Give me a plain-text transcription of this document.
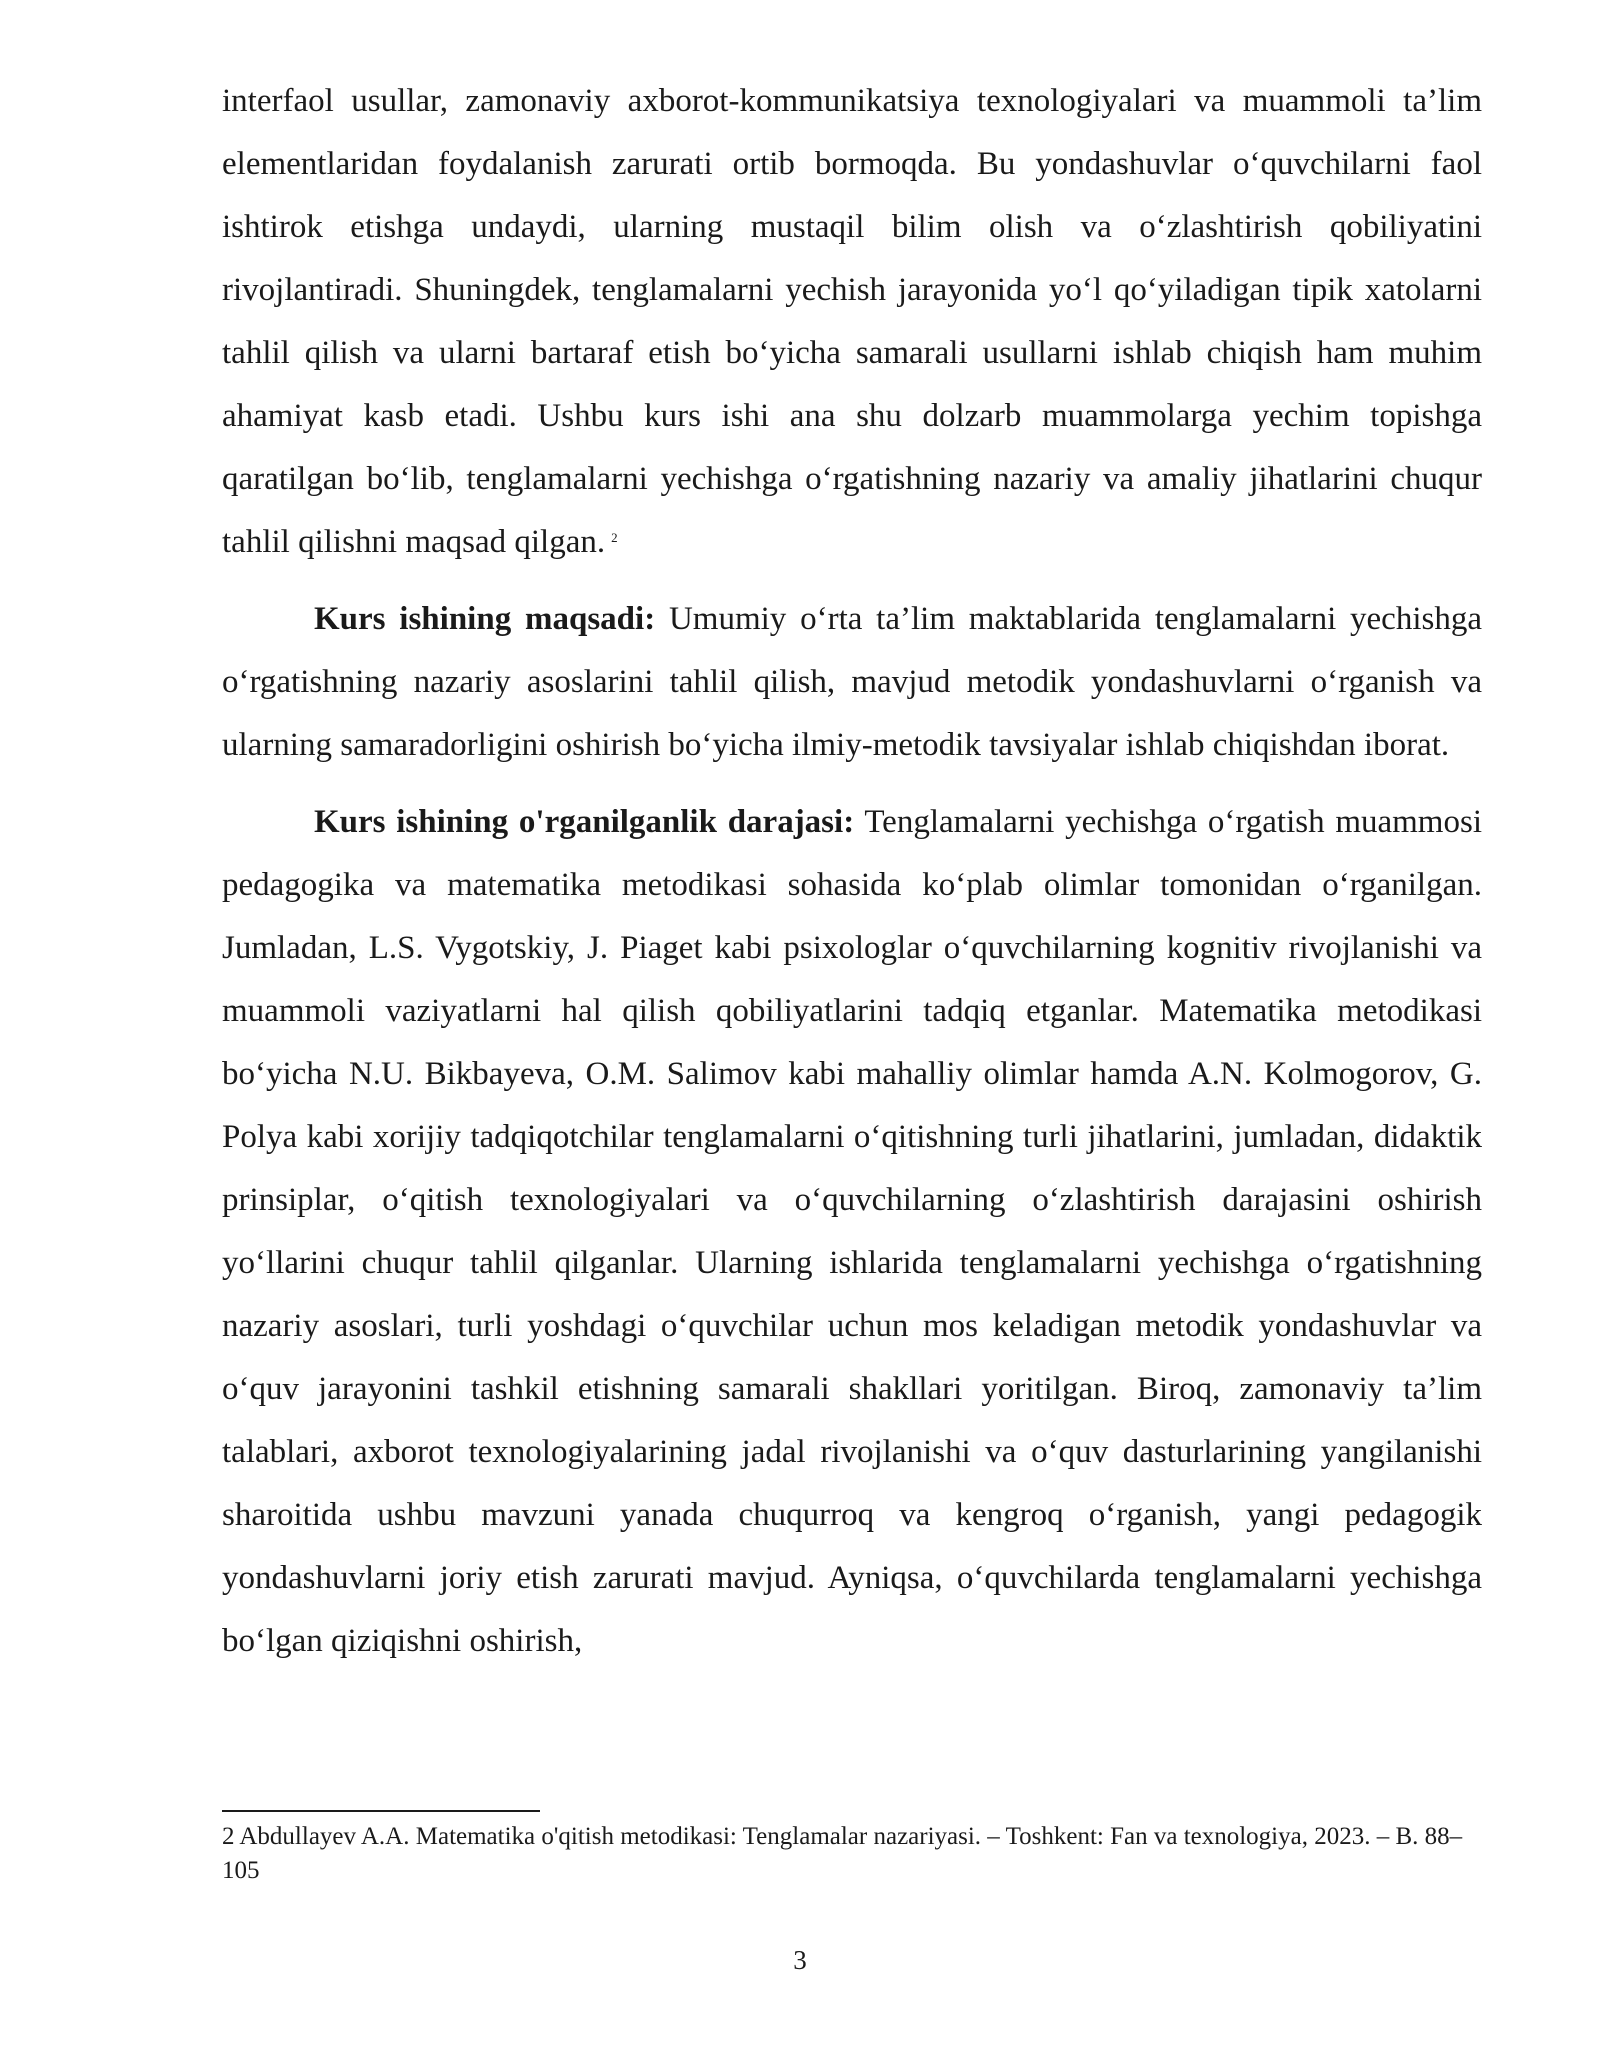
interfaol usullar, zamonaviy axborot-kommunikatsiya texnologiyalari va muammoli ta’lim elementlaridan foydalanish zarurati ortib bormoqda. Bu yondashuvlar o‘quvchilarni faol ishtirok etishga undaydi, ularning mustaqil bilim olish va o‘zlashtirish qobiliyatini rivojlantiradi. Shuningdek, tenglamalarni yechish jarayonida yo‘l qo‘yiladigan tipik xatolarni tahlil qilish va ularni bartaraf etish bo‘yicha samarali usullarni ishlab chiqish ham muhim ahamiyat kasb etadi. Ushbu kurs ishi ana shu dolzarb muammolarga yechim topishga qaratilgan bo‘lib, tenglamalarni yechishga o‘rgatishning nazariy va amaliy jihatlarini chuqur tahlil qilishni maqsad qilgan. $^2$

Kurs ishining maqsadi: Umumiy o‘rta ta’lim maktablarida tenglamalarni yechishga o‘rgatishning nazariy asoslarini tahlil qilish, mavjud metodik yondashuvlarni o‘rganish va ularning samaradorligini oshirish bo‘yicha ilmiy-metodik tavsiyalar ishlab chiqishdan iborat.

Kurs ishining o'rganilganlik darajasi: Tenglamalarni yechishga o‘rgatish muammosi pedagogika va matematika metodikasi sohasida ko‘plab olimlar tomonidan o‘rganilgan. Jumladan, L.S. Vygotskiy, J. Piaget kabi psixologlar o‘quvchilarning kognitiv rivojlanishi va muammoli vaziyatlarni hal qilish qobiliyatlarini tadqiq etganlar. Matematika metodikasi bo‘yicha N.U. Bikbayeva, O.M. Salimov kabi mahalliy olimlar hamda A.N. Kolmogorov, G. Polya kabi xorijiy tadqiqotchilar tenglamalarni o‘qitishning turli jihatlarini, jumladan, didaktik prinsiplar, o‘qitish texnologiyalari va o‘quvchilarning o‘zlashtirish darajasini oshirish yo‘llarini chuqur tahlil qilganlar. Ularning ishlarida tenglamalarni yechishga o‘rgatishning nazariy asoslari, turli yoshdagi o‘quvchilar uchun mos keladigan metodik yondashuvlar va o‘quv jarayonini tashkil etishning samarali shakllari yoritilgan. Biroq, zamonaviy ta’lim talablari, axborot texnologiyalarining jadal rivojlanishi va o‘quv dasturlarining yangilanishi sharoitida ushbu mavzuni yanada chuqurroq va kengroq o‘rganish, yangi pedagogik yondashuvlarni joriy etish zarurati mavjud. Ayniqsa, o‘quvchilarda tenglamalarni yechishga bo‘lgan qiziqishni oshirish,

2 Abdullayev A.A. Matematika o'qitish metodikasi: Tenglamalar nazariyasi. – Toshkent: Fan va texnologiya, 2023. – B. 88–105
3
